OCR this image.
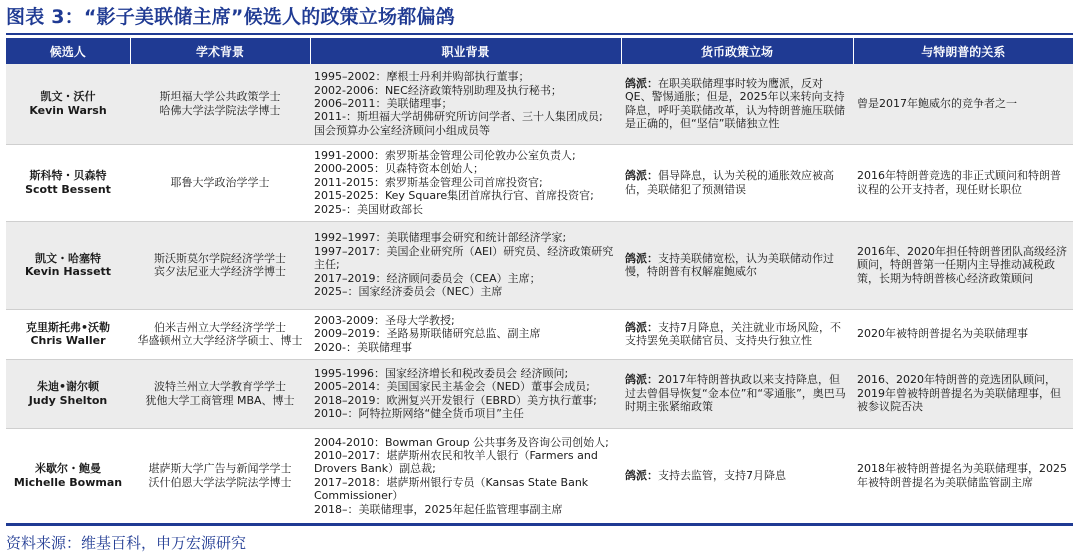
图表 3：“影子美联储主席”候选人的政策立场都偏鸽
候选人	学术背景	职业背景	货币政策立场	与特朗普的关系

凯文・沃什
Kevin Warsh	斯坦福大学公共政策学士
哈佛大学法学院法学博士	1995–2002：摩根士丹利并购部执行董事；
2002-2006：NEC经济政策特别助理及执行秘书；
2006–2011：美联储理事；
2011-：斯坦福大学胡佛研究所访问学者、三十人集团成员;
国会预算办公室经济顾问小组成员等	鸽派：在职美联储理事时较为鹰派，反对QE、警惕通胀；但是，2025年以来转向支持降息，呼吁美联储改革，认为特朗普施压联储是正确的，但“坚信”联储独立性	曾是2017年鲍威尔的竞争者之一

斯科特・贝森特
Scott Bessent	耶鲁大学政治学学士	1991-2000：索罗斯基金管理公司伦敦办公室负责人;
2000-2005：贝森特资本创始人；
2011-2015：索罗斯基金管理公司首席投资官;
2015-2025：Key Square集团首席执行官、首席投资官;
2025-：美国财政部长	鸽派：倡导降息，认为关税的通胀效应被高估，美联储犯了预测错误	2016年特朗普竞选的非正式顾问和特朗普议程的公开支持者，现任财长职位

凯文・哈塞特
Kevin Hassett	斯沃斯莫尔学院经济学学士
宾夕法尼亚大学经济学博士	1992–1997：美联储理事会研究和统计部经济学家;
1997–2017：美国企业研究所（AEI）研究员、经济政策研究主任;
2017–2019：经济顾问委员会（CEA）主席；
2025–：国家经济委员会（NEC）主席	鸽派：支持美联储宽松，认为美联储动作过慢，特朗普有权解雇鲍威尔	2016年、2020年担任特朗普团队高级经济顾问，特朗普第一任期内主导推动减税政策，长期为特朗普核心经济政策顾问

克里斯托弗•沃勒
Chris Waller	伯米吉州立大学经济学学士
华盛顿州立大学经济学硕士、博士	2003-2009：圣母大学教授;
2009–2019：圣路易斯联储研究总监、副主席
2020-：美联储理事	鸽派：支持7月降息，关注就业市场风险，不支持罢免美联储官员、支持央行独立性	2020年被特朗普提名为美联储理事

朱迪•谢尔顿
Judy Shelton	波特兰州立大学教育学学士
犹他大学工商管理 MBA、博士	1995-1996：国家经济增长和税改委员会 经济顾问;
2005–2014：美国国家民主基金会（NED）董事会成员;
2018–2019：欧洲复兴开发银行（EBRD）美方执行董事;
2010–：阿特拉斯网络“健全货币项目”主任	鸽派：2017年特朗普执政以来支持降息，但过去曾倡导恢复“金本位”和“零通胀”，奥巴马时期主张紧缩政策	2016、2020年特朗普的竞选团队顾问，2019年曾被特朗普提名为美联储理事，但被参议院否决

米歇尔・鲍曼
Michelle Bowman	堪萨斯大学广告与新闻学学士
沃什伯恩大学法学院法学博士	2004-2010：Bowman Group 公共事务及咨询公司创始人;
2010–2017：堪萨斯州农民和牧羊人银行（Farmers and Drovers Bank）副总裁;
2017–2018：堪萨斯州银行专员（Kansas State Bank Commissioner）
2018–：美联储理事，2025年起任监管理事副主席	鸽派：支持去监管，支持7月降息	2018年被特朗普提名为美联储理事，2025年被特朗普提名为美联储监管副主席
资料来源：维基百科，申万宏源研究
